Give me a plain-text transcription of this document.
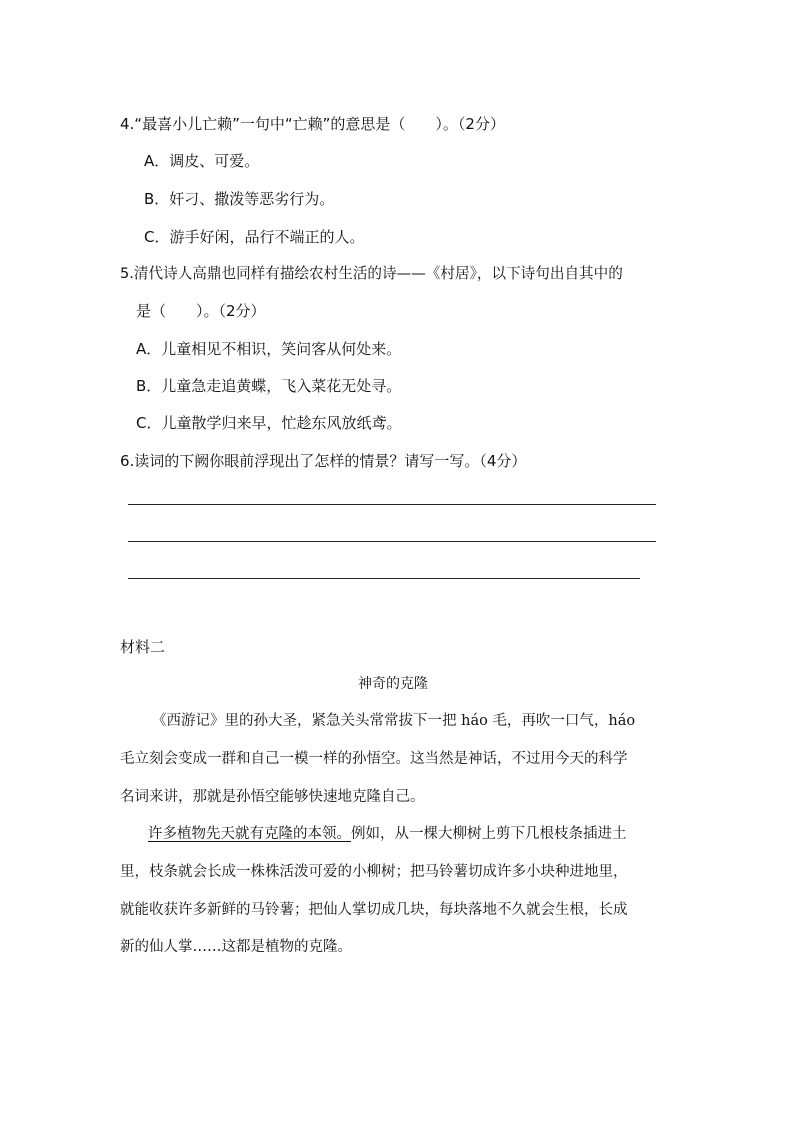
4.“最喜小儿亡赖”一句中“亡赖”的意思是（　　）。（2分）

A．调皮、可爱。

B．奸刁、撒泼等恶劣行为。

C．游手好闲，品行不端正的人。

5.清代诗人高鼎也同样有描绘农村生活的诗——《村居》，以下诗句出自其中的

是（　　）。（2分）

A．儿童相见不相识，笑问客从何处来。

B．儿童急走追黄蝶，飞入菜花无处寻。

C．儿童散学归来早，忙趁东风放纸鸢。

6.读词的下阙你眼前浮现出了怎样的情景？请写一写。（4分）

材料二

神奇的克隆

《西游记》里的孙大圣，紧急关头常常拔下一把 háo 毛，再吹一口气，háo

毛立刻会变成一群和自己一模一样的孙悟空。这当然是神话，不过用今天的科学

名词来讲，那就是孙悟空能够快速地克隆自己。

许多植物先天就有克隆的本领。例如，从一棵大柳树上剪下几根枝条插进土

里，枝条就会长成一株株活泼可爱的小柳树；把马铃薯切成许多小块种进地里，

就能收获许多新鲜的马铃薯；把仙人掌切成几块，每块落地不久就会生根，长成

新的仙人掌……这都是植物的克隆。
